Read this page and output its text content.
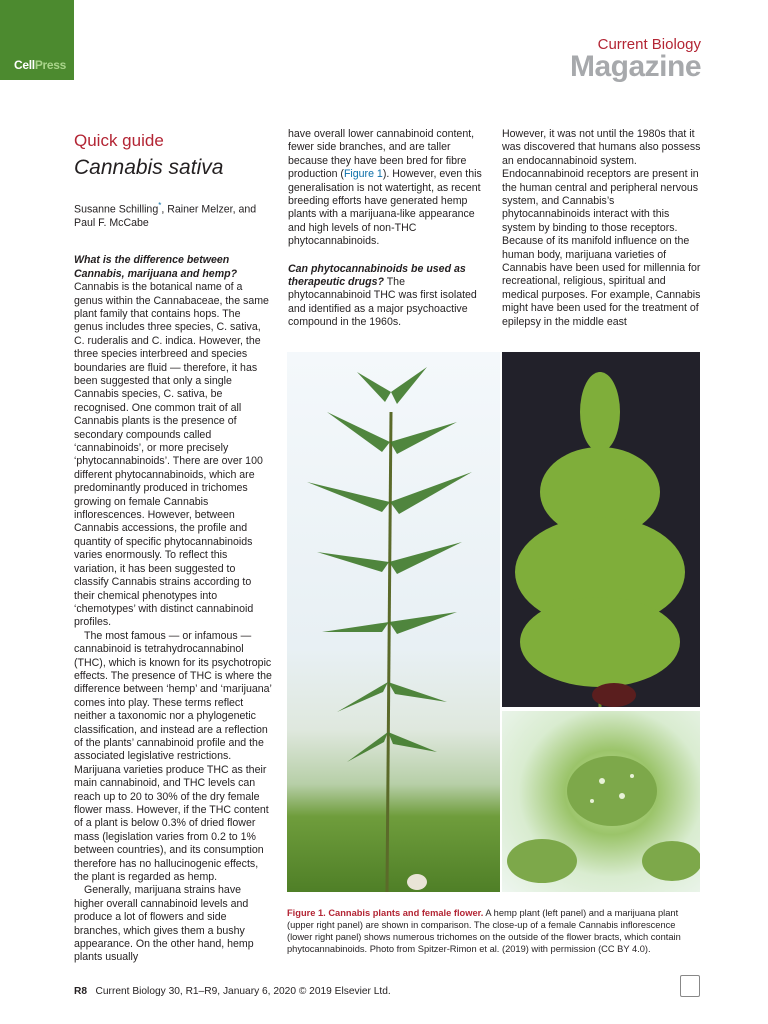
CellPress
Current Biology
Magazine
Quick guide
Cannabis sativa
Susanne Schilling*, Rainer Melzer, and Paul F. McCabe

What is the difference between Cannabis, marijuana and hemp?

Cannabis is the botanical name of a genus within the Cannabaceae, the same plant family that contains hops. The genus includes three species, C. sativa, C. ruderalis and C. indica. However, the three species interbreed and species boundaries are fluid — therefore, it has been suggested that only a single Cannabis species, C. sativa, be recognised. One common trait of all Cannabis plants is the presence of secondary compounds called ‘cannabinoids’, or more precisely ‘phytocannabinoids’. There are over 100 different phytocannabinoids, which are predominantly produced in trichomes growing on female Cannabis inflorescences. However, between Cannabis accessions, the profile and quantity of specific phytocannabinoids varies enormously. To reflect this variation, it has been suggested to classify Cannabis strains according to their chemical phenotypes into ‘chemotypes’ with distinct cannabinoid profiles.

The most famous — or infamous — cannabinoid is tetrahydrocannabinol (THC), which is known for its psychotropic effects. The presence of THC is where the difference between ‘hemp’ and ‘marijuana’ comes into play. These terms reflect neither a taxonomic nor a phylogenetic classification, and instead are a reflection of the plants’ cannabinoid profile and the associated legislative restrictions. Marijuana varieties produce THC as their main cannabinoid, and THC levels can reach up to 20 to 30% of the dry female flower mass. However, if the THC content of a plant is below 0.3% of dried flower mass (legislation varies from 0.2 to 1% between countries), and its consumption therefore has no hallucinogenic effects, the plant is regarded as hemp.

Generally, marijuana strains have higher overall cannabinoid levels and produce a lot of flowers and side branches, which gives them a bushy appearance. On the other hand, hemp plants usually

have overall lower cannabinoid content, fewer side branches, and are taller because they have been bred for fibre production (Figure 1). However, even this generalisation is not watertight, as recent breeding efforts have generated hemp plants with a marijuana-like appearance and high levels of non-THC phytocannabinoids.

Can phytocannabinoids be used as therapeutic drugs? The phytocannabinoid THC was first isolated and identified as a major psychoactive compound in the 1960s.

However, it was not until the 1980s that it was discovered that humans also possess an endocannabinoid system. Endocannabinoid receptors are present in the human central and peripheral nervous system, and Cannabis’s phytocannabinoids interact with this system by binding to those receptors. Because of its manifold influence on the human body, marijuana varieties of Cannabis have been used for millennia for recreational, religious, spiritual and medical purposes. For example, Cannabis might have been used for the treatment of epilepsy in the middle east

Figure 1. Cannabis plants and female flower. A hemp plant (left panel) and a marijuana plant (upper right panel) are shown in comparison. The close-up of a female Cannabis inflorescence (lower right panel) shows numerous trichomes on the outside of the flower bracts, which contain phytocannabinoids. Photo from Spitzer-Rimon et al. (2019) with permission (CC BY 4.0).
R8 Current Biology 30, R1–R9, January 6, 2020 © 2019 Elsevier Ltd.
